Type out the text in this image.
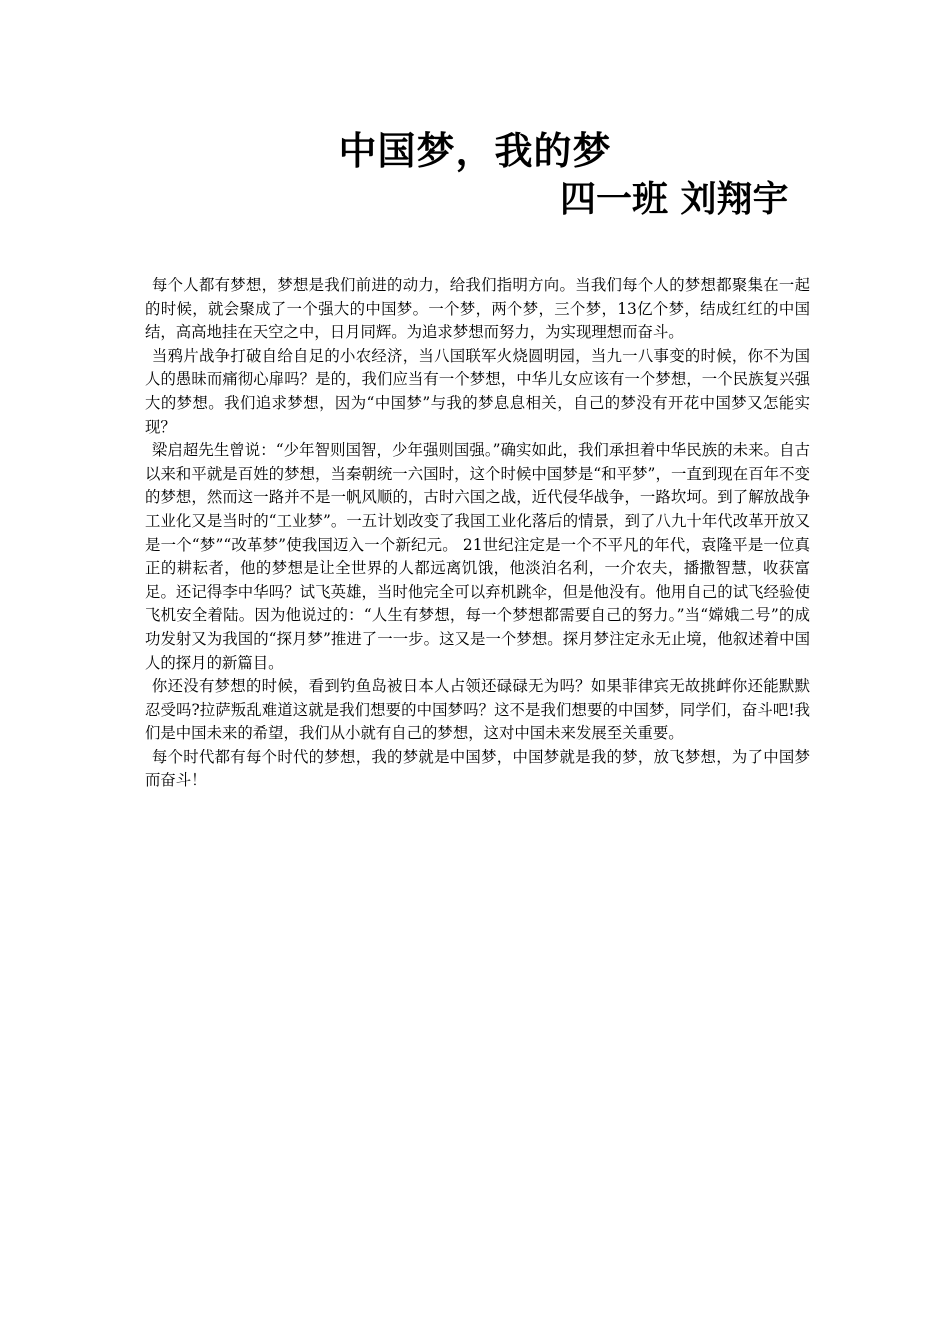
中国梦，我的梦
四一班 刘翔宇

每个人都有梦想，梦想是我们前进的动力，给我们指明方向。当我们每个人的梦想都聚集在一起的时候，就会聚成了一个强大的中国梦。一个梦，两个梦，三个梦，13亿个梦，结成红红的中国结，高高地挂在天空之中，日月同辉。为追求梦想而努力，为实现理想而奋斗。

当鸦片战争打破自给自足的小农经济，当八国联军火烧圆明园，当九一八事变的时候，你不为国人的愚昧而痛彻心扉吗？是的，我们应当有一个梦想，中华儿女应该有一个梦想，一个民族复兴强大的梦想。我们追求梦想，因为“中国梦”与我的梦息息相关，自己的梦没有开花中国梦又怎能实现？

梁启超先生曾说：“少年智则国智，少年强则国强。”确实如此，我们承担着中华民族的未来。自古以来和平就是百姓的梦想，当秦朝统一六国时，这个时候中国梦是“和平梦”，一直到现在百年不变的梦想，然而这一路并不是一帆风顺的，古时六国之战，近代侵华战争，一路坎坷。到了解放战争工业化又是当时的“工业梦”。一五计划改变了我国工业化落后的情景，到了八九十年代改革开放又是一个“梦”“改革梦”使我国迈入一个新纪元。 21世纪注定是一个不平凡的年代，袁隆平是一位真正的耕耘者，他的梦想是让全世界的人都远离饥饿，他淡泊名利，一介农夫，播撒智慧，收获富足。还记得李中华吗？试飞英雄，当时他完全可以弃机跳伞，但是他没有。他用自己的试飞经验使飞机安全着陆。因为他说过的：“人生有梦想，每一个梦想都需要自己的努力。”当“嫦娥二号”的成功发射又为我国的“探月梦”推进了一一步。这又是一个梦想。探月梦注定永无止境，他叙述着中国人的探月的新篇目。

你还没有梦想的时候，看到钓鱼岛被日本人占领还碌碌无为吗？如果菲律宾无故挑衅你还能默默忍受吗?拉萨叛乱难道这就是我们想要的中国梦吗？这不是我们想要的中国梦，同学们，奋斗吧!我们是中国未来的希望，我们从小就有自己的梦想，这对中国未来发展至关重要。

每个时代都有每个时代的梦想，我的梦就是中国梦，中国梦就是我的梦，放飞梦想，为了中国梦而奋斗！
